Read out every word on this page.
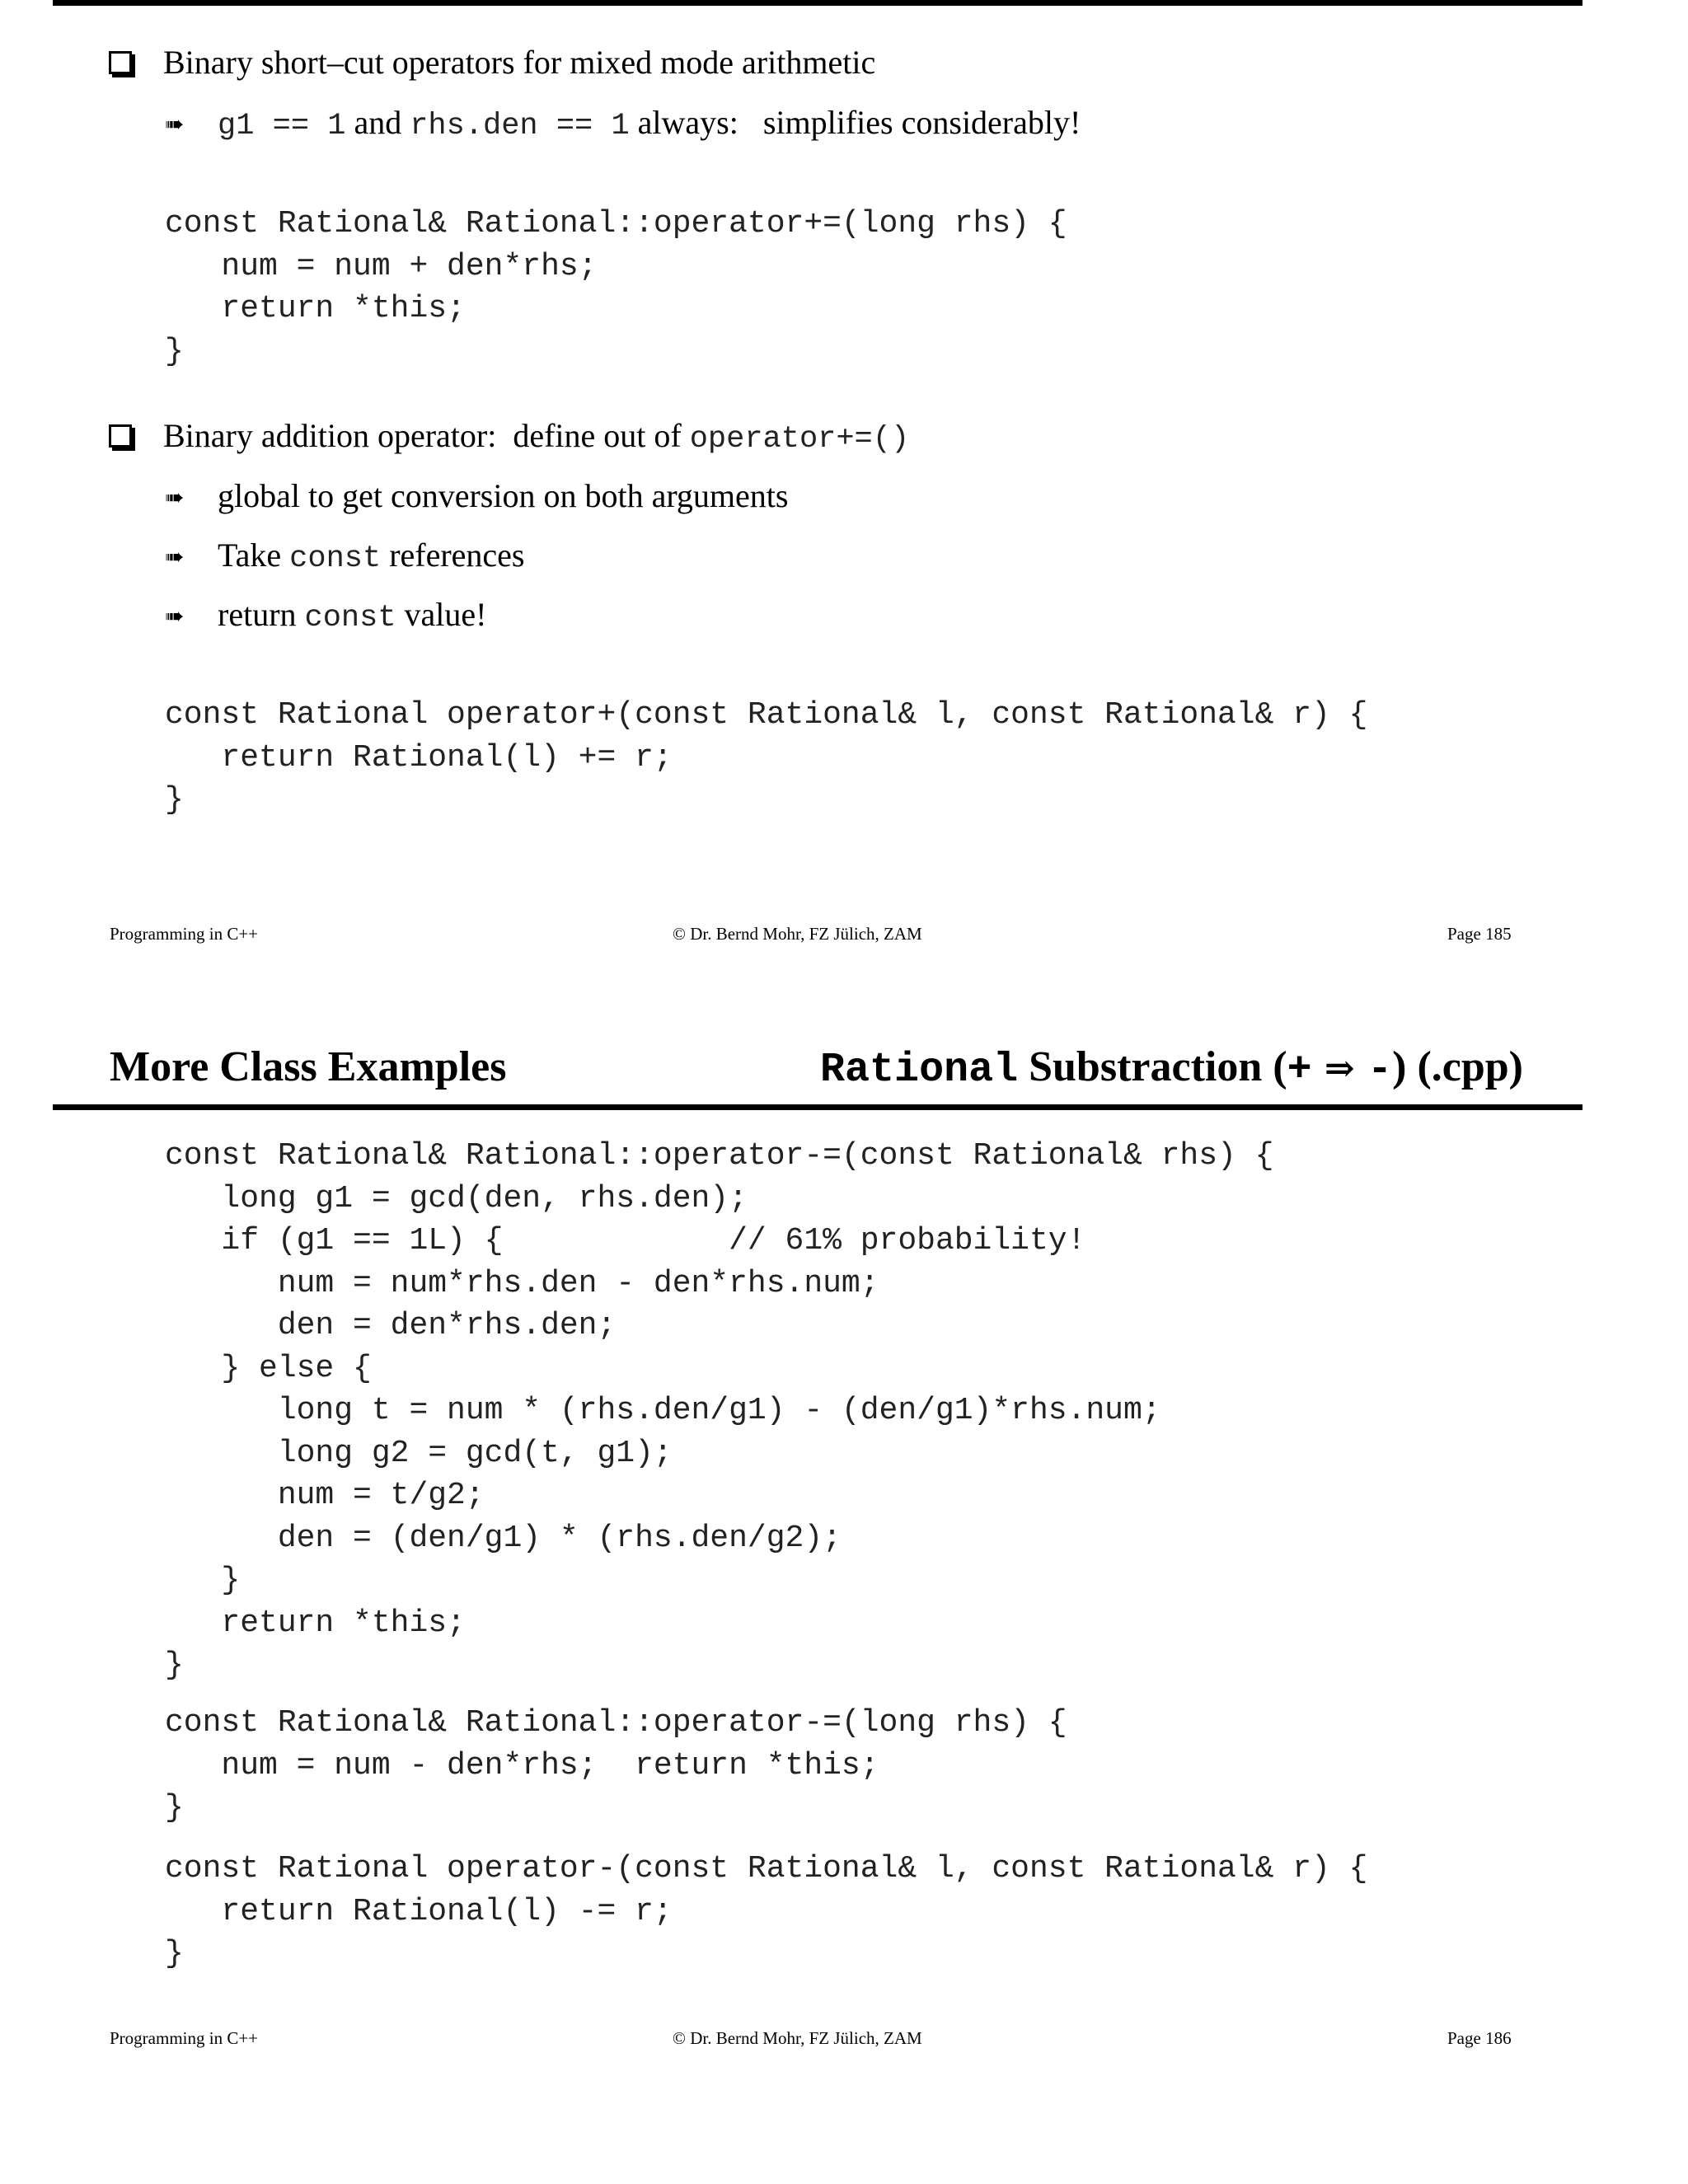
Binary short–cut operators for mixed mode arithmetic
➠ g1 == 1 and rhs.den == 1 always:   simplifies considerably!
const Rational& Rational::operator+=(long rhs) {
num = num + den*rhs;
return *this;
}
Binary addition operator:  define out of operator+=()
➠ global to get conversion on both arguments
➠ Take const references
➠ return const value!
const Rational operator+(const Rational& l, const Rational& r) {
return Rational(l) += r;
}
Programming in C++	© Dr. Bernd Mohr, FZ Jülich, ZAM	Page 185
More Class Examples	Rational Substraction (+ ⇒ -) (.cpp)
const Rational& Rational::operator-=(const Rational& rhs) {
long g1 = gcd(den, rhs.den);
if (g1 == 1L) {            // 61% probability!
num = num*rhs.den - den*rhs.num;
den = den*rhs.den;
} else {
long t = num * (rhs.den/g1) - (den/g1)*rhs.num;
long g2 = gcd(t, g1);
num = t/g2;
den = (den/g1) * (rhs.den/g2);
}
return *this;
}
const Rational& Rational::operator-=(long rhs) {
num = num - den*rhs;  return *this;
}
const Rational operator-(const Rational& l, const Rational& r) {
return Rational(l) -= r;
}
Programming in C++	© Dr. Bernd Mohr, FZ Jülich, ZAM	Page 186
